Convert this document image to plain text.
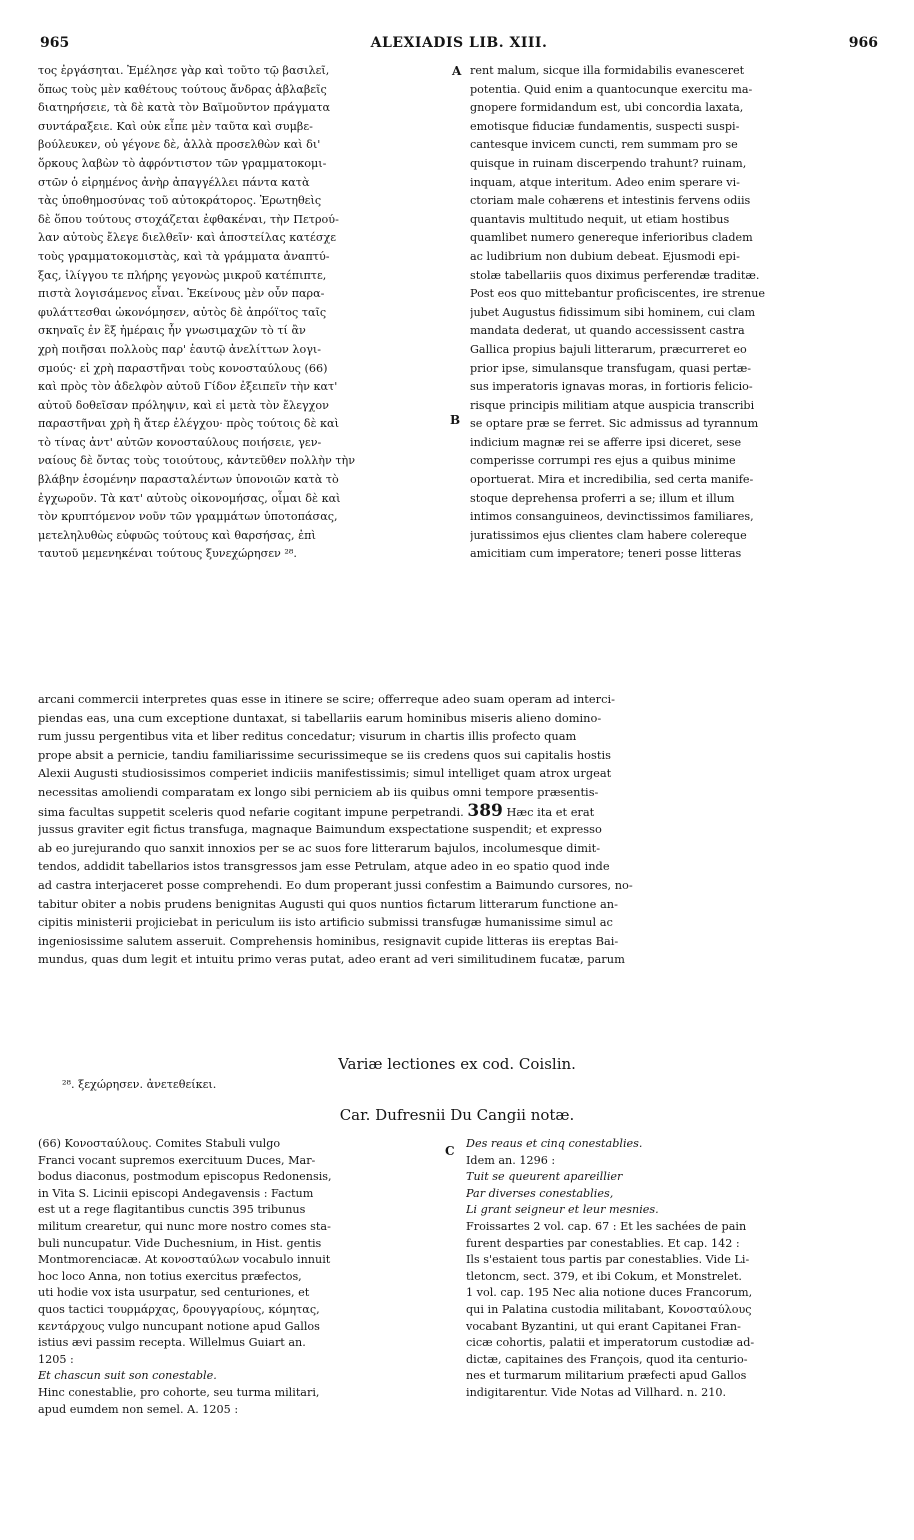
965	ALEXIADIS LIB. XIII.	966
A
B
C
τος ἐργάσηται. Ἐμέλησε γὰρ καὶ τοῦτο τῷ βασιλεῖ,
ὅπως τοὺς μὲν καθέτους τούτους ἄνδρας ἀβλαβεῖς
διατηρήσειε, τὰ δὲ κατὰ τὸν Βαϊμοῦντον πράγματα
συντάραξειε. Καὶ οὐκ εἶπε μὲν ταῦτα καὶ συμβε-
βούλευκεν, οὐ γέγονε δὲ, ἀλλὰ προσελθὼν καὶ δι'
ὅρκους λαβὼν τὸ ἀφρόντιστον τῶν γραμματοκομι-
στῶν ὁ εἰρημένος ἀνὴρ ἀπαγγέλλει πάντα κατὰ
τὰς ὑποθημοσύνας τοῦ αὐτοκράτορος. Ἐρωτηθεὶς
δὲ ὅπου τούτους στοχάζεται ἐφθακέναι, τὴν Πετρού-
λαν αὐτοὺς ἔλεγε διελθεῖν· καὶ ἀποστείλας κατέσχε
τοὺς γραμματοκομιστὰς, καὶ τὰ γράμματα ἀναπτύ-
ξας, ἰλίγγου τε πλήρης γεγονὼς μικροῦ κατέπιπτε,
πιστὰ λογισάμενος εἶναι. Ἐκείνους μὲν οὖν παρα-
φυλάττεσθαι ὠκονόμησεν, αὐτὸς δὲ ἀπρόϊτος ταῖς
σκηναῖς ἐν ἓξ ἡμέραις ἦν γνωσιμαχῶν τὸ τί ἂν
χρὴ ποιῆσαι πολλοὺς παρ' ἑαυτῷ ἀνελίττων λογι-
σμούς· εἰ χρὴ παραστῆναι τοὺς κονοσταύλους (66)
καὶ πρὸς τὸν ἀδελφὸν αὐτοῦ Γίδον ἐξειπεῖν τὴν κατ'
αὐτοῦ δοθεῖσαν πρόληψιν, καὶ εἰ μετὰ τὸν ἔλεγχον
παραστῆναι χρὴ ἢ ἄτερ ἐλέγχου· πρὸς τούτοις δὲ καὶ
τὸ τίνας ἀντ' αὐτῶν κονοσταύλους ποιήσειε, γεν-
ναίους δὲ ὄντας τοὺς τοιούτους, κἀντεῦθεν πολλὴν τὴν
βλάβην ἐσομένην παρασταλέντων ὑπονοιῶν κατὰ τὸ
ἐγχωροῦν. Τὰ κατ' αὐτοὺς οἰκονομήσας, οἶμαι δὲ καὶ
τὸν κρυπτόμενον νοῦν τῶν γραμμάτων ὑποτοπάσας,
μετεληλυθὼς εὐφυῶς τούτους καὶ θαρσήσας, ἐπὶ
ταυτοῦ μεμενηκέναι τούτους ξυνεχώρησεν ²⁸.
rent malum, sicque illa formidabilis evanesceret
potentia. Quid enim a quantocunque exercitu ma-
gnopere formidandum est, ubi concordia laxata,
emotisque fiduciæ fundamentis, suspecti suspi-
cantesque invicem cuncti, rem summam pro se
quisque in ruinam discerpendo trahunt? ruinam,
inquam, atque interitum. Adeo enim sperare vi-
ctoriam male cohærens et intestinis fervens odiis
quantavis multitudo nequit, ut etiam hostibus
quamlibet numero genereque inferioribus cladem
ac ludibrium non dubium debeat. Ejusmodi epi-
stolæ tabellariis quos diximus perferendæ traditæ.
Post eos quo mittebantur proficiscentes, ire strenue
jubet Augustus fidissimum sibi hominem, cui clam
mandata dederat, ut quando accessissent castra
Gallica propius bajuli litterarum, præcurreret eo
prior ipse, simulansque transfugam, quasi pertæ-
sus imperatoris ignavas moras, in fortioris felicio-
risque principis militiam atque auspicia transcribi
se optare præ se ferret. Sic admissus ad tyrannum
indicium magnæ rei se afferre ipsi diceret, sese
comperisse corrumpi res ejus a quibus minime
oportuerat. Mira et incredibilia, sed certa manife-
stoque deprehensa proferri a se; illum et illum
intimos consanguineos, devinctissimos familiares,
juratissimos ejus clientes clam habere colereque
amicitiam cum imperatore; teneri posse litteras
arcani commercii interpretes quas esse in itinere se scire; offerreque adeo suam operam ad interci-
piendas eas, una cum exceptione duntaxat, si tabellariis earum hominibus miseris alieno domino-
rum jussu pergentibus vita et liber reditus concedatur; visurum in chartis illis profecto quam
prope absit a pernicie, tandiu familiarissime securissimeque se iis credens quos sui capitalis hostis
Alexii Augusti studiosissimos comperiet indiciis manifestissimis; simul intelliget quam atrox urgeat
necessitas amoliendi comparatam ex longo sibi perniciem ab iis quibus omni tempore præsentis-
sima facultas suppetit sceleris quod nefarie cogitant impune perpetrandi. 389 Hæc ita et erat
jussus graviter egit fictus transfuga, magnaque Baimundum exspectatione suspendit; et expresso
ab eo jurejurando quo sanxit innoxios per se ac suos fore litterarum bajulos, incolumesque dimit-
tendos, addidit tabellarios istos transgressos jam esse Petrulam, atque adeo in eo spatio quod inde
ad castra interjaceret posse comprehendi. Eo dum properant jussi confestim a Baimundo cursores, no-
tabitur obiter a nobis prudens benignitas Augusti qui quos nuntios fictarum litterarum functione an-
cipitis ministerii projiciebat in periculum iis isto artificio submissi transfugæ humanissime simul ac
ingeniosissime salutem asseruit. Comprehensis hominibus, resignavit cupide litteras iis ereptas Bai-
mundus, quas dum legit et intuitu primo veras putat, adeo erant ad veri similitudinem fucatæ, parum
Variæ lectiones ex cod. Coislin.
²⁸. ξεχώρησεν. ἀνετεθείκει.
Car. Dufresnii Du Cangii notæ.
(66) Κονοσταύλους. Comites Stabuli vulgo
Franci vocant supremos exercituum Duces, Mar-
bodus diaconus, postmodum episcopus Redonensis,
in Vita S. Licinii episcopi Andegavensis : Factum
est ut a rege flagitantibus cunctis 395 tribunus
militum crearetur, qui nunc more nostro comes sta-
buli nuncupatur. Vide Duchesnium, in Hist. gentis
Montmorenciacæ. At κονοσταύλων vocabulo innuit
hoc loco Anna, non totius exercitus præfectos,
uti hodie vox ista usurpatur, sed centuriones, et
quos tactici τουρμάρχας, δρουγγαρίους, κόμητας,
κεντάρχους vulgo nuncupant notione apud Gallos
istius ævi passim recepta. Willelmus Guiart an.
1205 :
Et chascun suit son conestable.
Hinc conestablie, pro cohorte, seu turma militari,
apud eumdem non semel. A. 1205 :
Des reaus et cinq conestablies.
Idem an. 1296 :
Tuit se queurent apareillier
Par diverses conestablies,
Li grant seigneur et leur mesnies.
Froissartes 2 vol. cap. 67 : Et les sachées de pain
furent desparties par conestablies. Et cap. 142 :
Ils s'estaient tous partis par conestablies. Vide Li-
tletoncm, sect. 379, et ibi Cokum, et Monstrelet.
1 vol. cap. 195 Nec alia notione duces Francorum,
qui in Palatina custodia militabant, Κονοσταύλους
vocabant Byzantini, ut qui erant Capitanei Fran-
cicæ cohortis, palatii et imperatorum custodiæ ad-
dictæ, capitaines des François, quod ita centurio-
nes et turmarum militarium præfecti apud Gallos
indigitarentur. Vide Notas ad Villhard. n. 210.
